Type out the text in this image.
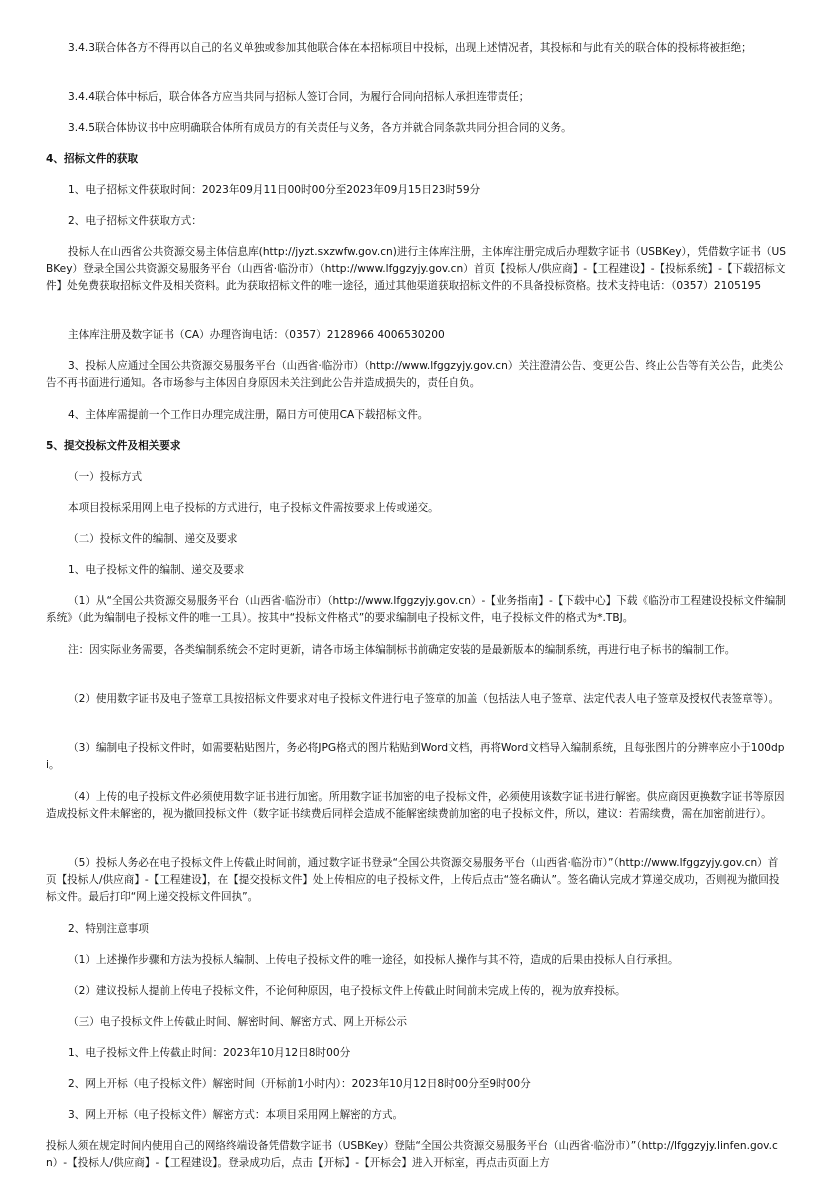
3.4.3联合体各方不得再以自己的名义单独或参加其他联合体在本招标项目中投标，出现上述情况者，其投标和与此有关的联合体的投标将被拒绝；

3.4.4联合体中标后，联合体各方应当共同与招标人签订合同，为履行合同向招标人承担连带责任；

3.4.5联合体协议书中应明确联合体所有成员方的有关责任与义务，各方并就合同条款共同分担合同的义务。

4、招标文件的获取

1、电子招标文件获取时间：2023年09月11日00时00分至2023年09月15日23时59分

2、电子招标文件获取方式：

投标人在山西省公共资源交易主体信息库(http://jyzt.sxzwfw.gov.cn)进行主体库注册，主体库注册完成后办理数字证书（USBKey），凭借数字证书（USBKey）登录全国公共资源交易服务平台（山西省·临汾市）（http://www.lfggzyjy.gov.cn）首页【投标人/供应商】-【工程建设】-【投标系统】-【下载招标文件】处免费获取招标文件及相关资料。此为获取招标文件的唯一途径，通过其他渠道获取招标文件的不具备投标资格。技术支持电话：（0357）2105195

主体库注册及数字证书（CA）办理咨询电话：（0357）2128966 4006530200

3、投标人应通过全国公共资源交易服务平台（山西省·临汾市）（http://www.lfggzyjy.gov.cn）关注澄清公告、变更公告、终止公告等有关公告，此类公告不再书面进行通知。各市场参与主体因自身原因未关注到此公告并造成损失的，责任自负。

4、主体库需提前一个工作日办理完成注册，隔日方可使用CA下载招标文件。

5、提交投标文件及相关要求

（一）投标方式

本项目投标采用网上电子投标的方式进行，电子投标文件需按要求上传或递交。

（二）投标文件的编制、递交及要求

1、电子投标文件的编制、递交及要求

（1）从“全国公共资源交易服务平台（山西省·临汾市）（http://www.lfggzyjy.gov.cn）-【业务指南】-【下载中心】下载《临汾市工程建设投标文件编制系统》（此为编制电子投标文件的唯一工具）。按其中“投标文件格式”的要求编制电子投标文件，电子投标文件的格式为*.TBJ。

注：因实际业务需要，各类编制系统会不定时更新，请各市场主体编制标书前确定安装的是最新版本的编制系统，再进行电子标书的编制工作。

（2）使用数字证书及电子签章工具按招标文件要求对电子投标文件进行电子签章的加盖（包括法人电子签章、法定代表人电子签章及授权代表签章等）。

（3）编制电子投标文件时，如需要粘贴图片，务必将JPG格式的图片粘贴到Word文档，再将Word文档导入编制系统，且每张图片的分辨率应小于100dpi。

（4）上传的电子投标文件必须使用数字证书进行加密。所用数字证书加密的电子投标文件，必须使用该数字证书进行解密。供应商因更换数字证书等原因造成投标文件未解密的，视为撤回投标文件（数字证书续费后同样会造成不能解密续费前加密的电子投标文件，所以，建议：若需续费，需在加密前进行）。

（5）投标人务必在电子投标文件上传截止时间前，通过数字证书登录“全国公共资源交易服务平台（山西省·临汾市）”（http://www.lfggzyjy.gov.cn）首页【投标人/供应商】-【工程建设】，在【提交投标文件】处上传相应的电子投标文件，上传后点击“签名确认”。签名确认完成才算递交成功，否则视为撤回投标文件。最后打印“网上递交投标文件回执”。

2、特别注意事项

（1）上述操作步骤和方法为投标人编制、上传电子投标文件的唯一途径，如投标人操作与其不符，造成的后果由投标人自行承担。

（2）建议投标人提前上传电子投标文件，不论何种原因，电子投标文件上传截止时间前未完成上传的，视为放弃投标。

（三）电子投标文件上传截止时间、解密时间、解密方式、网上开标公示

1、电子投标文件上传截止时间：2023年10月12日8时00分

2、网上开标（电子投标文件）解密时间（开标前1小时内）：2023年10月12日8时00分至9时00分

3、网上开标（电子投标文件）解密方式：本项目采用网上解密的方式。

投标人须在规定时间内使用自己的网络终端设备凭借数字证书（USBKey）登陆“全国公共资源交易服务平台（山西省·临汾市）”（http://lfggzyjy.linfen.gov.cn）-【投标人/供应商】-【工程建设】。登录成功后，点击【开标】-【开标会】进入开标室，再点击页面上方
